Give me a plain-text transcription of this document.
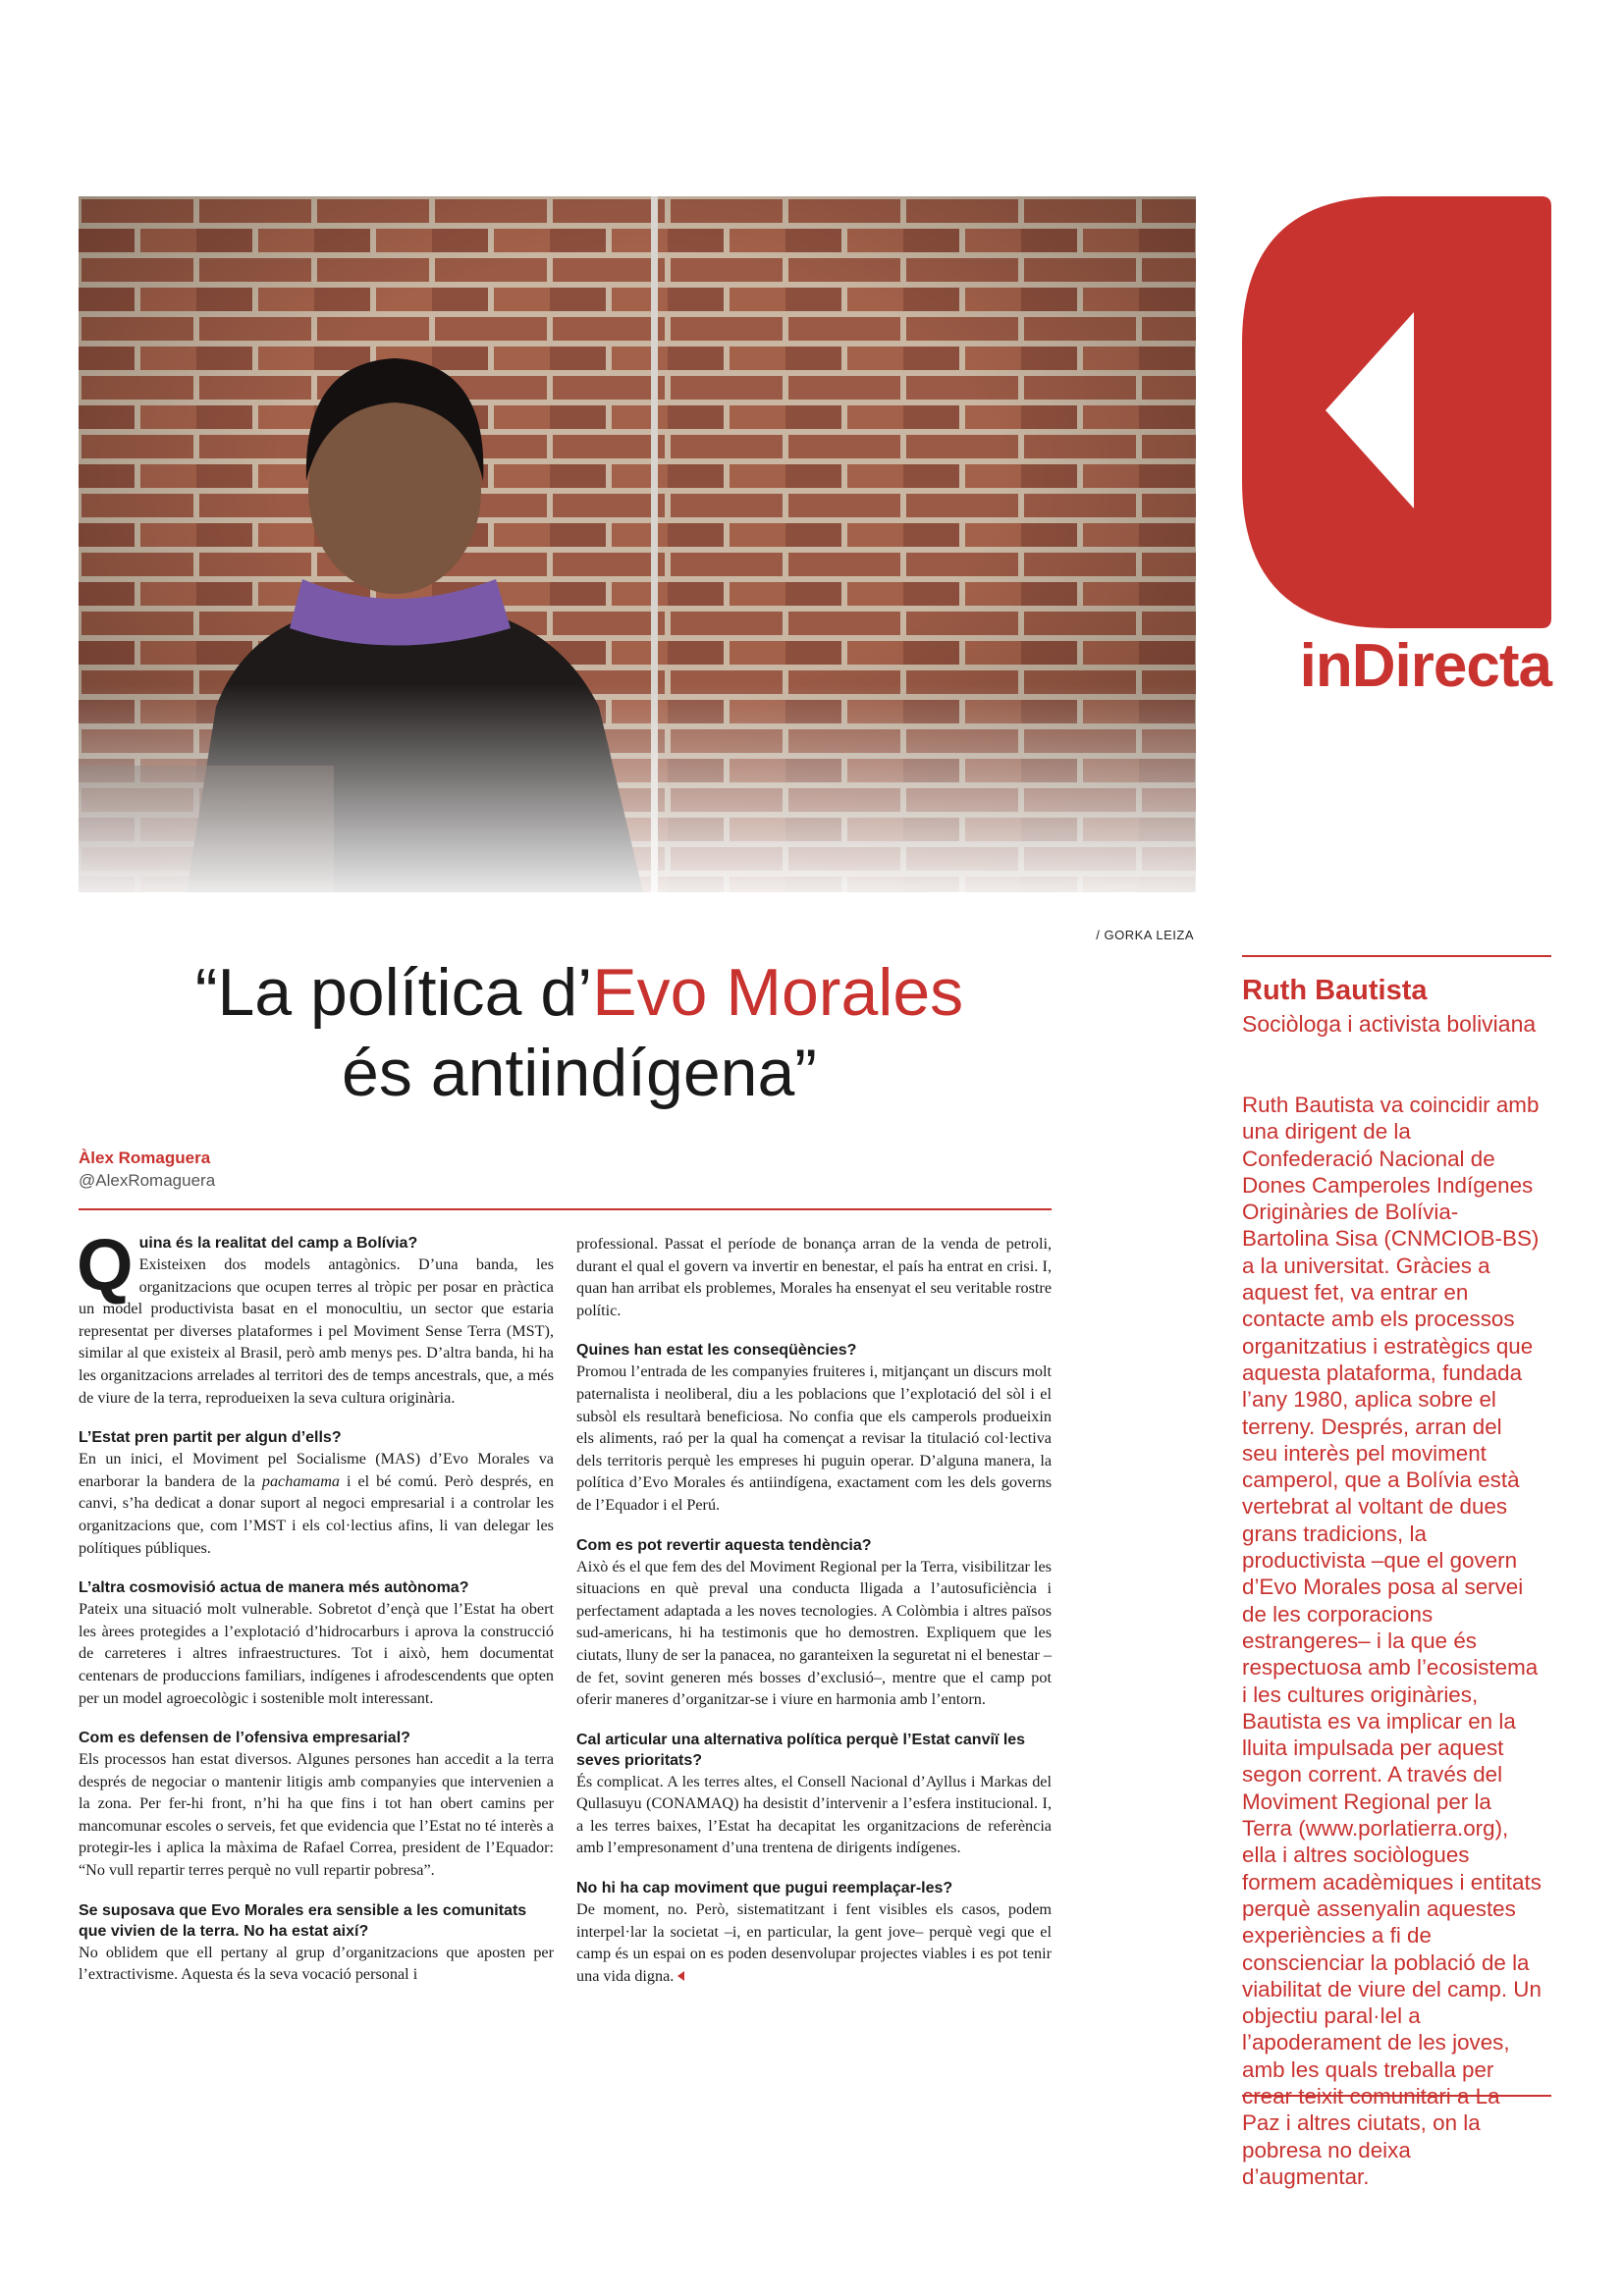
/ GORKA LEIZA
inDirecta
“La política d’Evo Morales
és antiindígena”
Àlex Romaguera
@AlexRomaguera

Q uina és la realitat del camp a Bolívia?
Existeixen dos models antagònics. D’una banda, les organitzacions que ocupen terres al tròpic per posar en pràctica un model productivista basat en el monocultiu, un sector que estaria representat per diverses plataformes i pel Moviment Sense Terra (MST), similar al que existeix al Brasil, però amb menys pes. D’altra banda, hi ha les organitzacions arrelades al territori des de temps ancestrals, que, a més de viure de la terra, reprodueixen la seva cultura originària.

L’Estat pren partit per algun d’ells?

En un inici, el Moviment pel Socialisme (MAS) d’Evo Morales va enarborar la bandera de la pachamama i el bé comú. Però després, en canvi, s’ha dedicat a donar suport al negoci empresarial i a controlar les organitzacions que, com l’MST i els col·lectius afins, li van delegar les polítiques públiques.

L’altra cosmovisió actua de manera més autònoma?

Pateix una situació molt vulnerable. Sobretot d’ençà que l’Estat ha obert les àrees protegides a l’explotació d’hidrocarburs i aprova la construcció de carreteres i altres infraestructures. Tot i això, hem documentat centenars de produccions familiars, indígenes i afrodescendents que opten per un model agroecològic i sostenible molt interessant.

Com es defensen de l’ofensiva empresarial?

Els processos han estat diversos. Algunes persones han accedit a la terra després de negociar o mantenir litigis amb companyies que intervenien a la zona. Per fer-hi front, n’hi ha que fins i tot han obert camins per mancomunar escoles o serveis, fet que evidencia que l’Estat no té interès a protegir-les i aplica la màxima de Rafael Correa, president de l’Equador: “No vull repartir terres perquè no vull repartir pobresa”.

Se suposava que Evo Morales era sensible a les comunitats que vivien de la terra. No ha estat així?

No oblidem que ell pertany al grup d’organitzacions que aposten per l’extractivisme. Aquesta és la seva vocació personal i

professional. Passat el període de bonança arran de la venda de petroli, durant el qual el govern va invertir en benestar, el país ha entrat en crisi. I, quan han arribat els problemes, Morales ha ensenyat el seu veritable rostre polític.

Quines han estat les conseqüències?

Promou l’entrada de les companyies fruiteres i, mitjançant un discurs molt paternalista i neoliberal, diu a les poblacions que l’explotació del sòl i el subsòl els resultarà beneficiosa. No confia que els camperols produeixin els aliments, raó per la qual ha començat a revisar la titulació col·lectiva dels territoris perquè les empreses hi puguin operar. D’alguna manera, la política d’Evo Morales és antiindígena, exactament com les dels governs de l’Equador i el Perú.

Com es pot revertir aquesta tendència?

Això és el que fem des del Moviment Regional per la Terra, visibilitzar les situacions en què preval una conducta lligada a l’autosuficiència i perfectament adaptada a les noves tecnologies. A Colòmbia i altres països sud-americans, hi ha testimonis que ho demostren. Expliquem que les ciutats, lluny de ser la panacea, no garanteixen la seguretat ni el benestar –de fet, sovint generen més bosses d’exclusió–, mentre que el camp pot oferir maneres d’organitzar-se i viure en harmonia amb l’entorn.

Cal articular una alternativa política perquè l’Estat canviï les seves prioritats?

És complicat. A les terres altes, el Consell Nacional d’Ayllus i Markas del Qullasuyu (CONAMAQ) ha desistit d’intervenir a l’esfera institucional. I, a les terres baixes, l’Estat ha decapitat les organitzacions de referència amb l’empresonament d’una trentena de dirigents indígenes.

No hi ha cap moviment que pugui reemplaçar-les?

De moment, no. Però, sistematitzant i fent visibles els casos, podem interpel·lar la societat –i, en particular, la gent jove– perquè vegi que el camp és un espai on es poden desenvolupar projectes viables i es pot tenir una vida digna.

Ruth Bautista
Sociòloga i activista boliviana

Ruth Bautista va coincidir amb una dirigent de la Confederació Nacional de Dones Camperoles Indígenes Originàries de Bolívia-Bartolina Sisa (CNMCIOB-BS) a la universitat. Gràcies a aquest fet, va entrar en contacte amb els processos organitzatius i estratègics que aquesta plataforma, fundada l’any 1980, aplica sobre el terreny. Després, arran del seu interès pel moviment camperol, que a Bolívia està vertebrat al voltant de dues grans tradicions, la productivista –que el govern d’Evo Morales posa al servei de les corporacions estrangeres– i la que és respectuosa amb l’ecosistema i les cultures originàries, Bautista es va implicar en la lluita impulsada per aquest segon corrent. A través del Moviment Regional per la Terra (www.porlatierra.org), ella i altres sociòlogues formem acadèmiques i entitats perquè assenyalin aquestes experiències a fi de conscienciar la població de la viabilitat de viure del camp. Un objectiu paral·lel a l’apoderament de les joves, amb les quals treballa per crear teixit comunitari a La Paz i altres ciutats, on la pobresa no deixa d’augmentar.
